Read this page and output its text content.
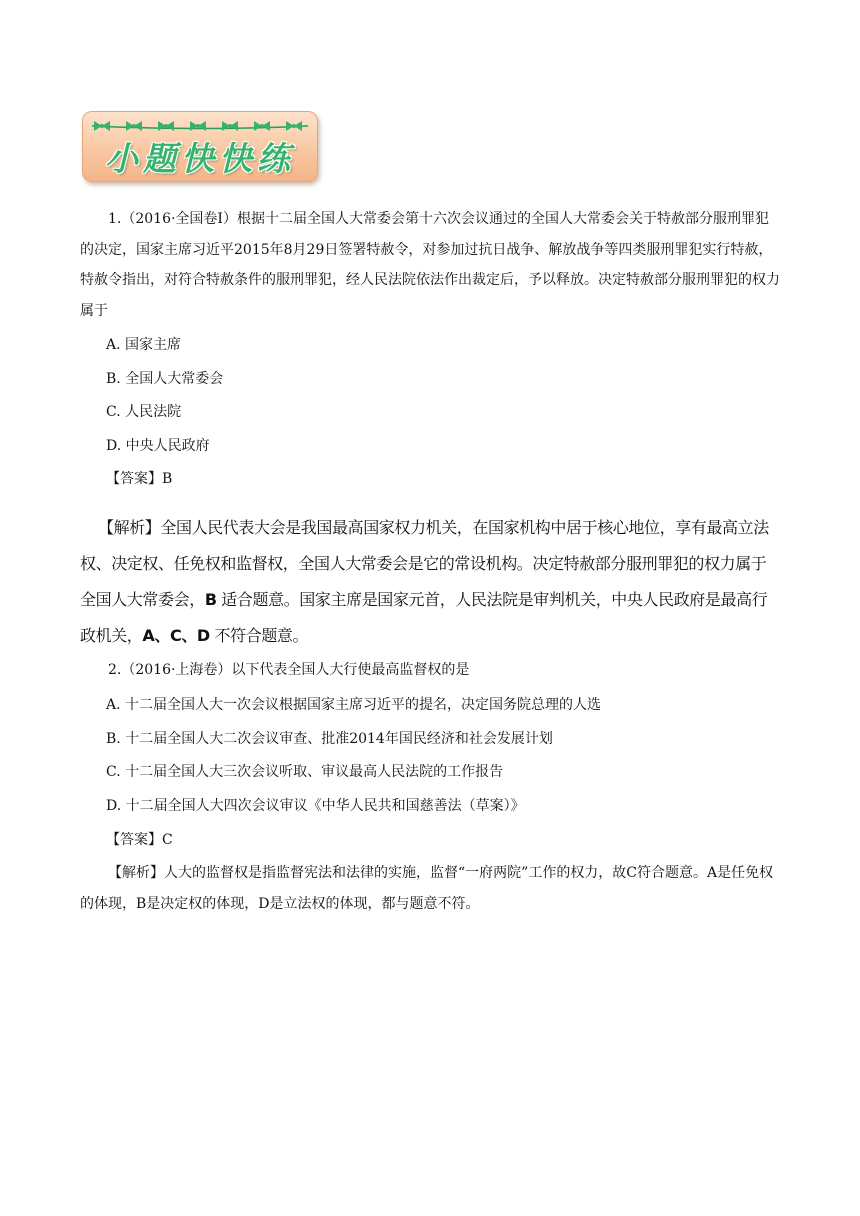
小题快快练

1.（2016·全国卷Ⅰ）根据十二届全国人大常委会第十六次会议通过的全国人大常委会关于特赦部分服刑罪犯的决定，国家主席习近平2015年8月29日签署特赦令，对参加过抗日战争、解放战争等四类服刑罪犯实行特赦，特赦令指出，对符合特赦条件的服刑罪犯，经人民法院依法作出裁定后，予以释放。决定特赦部分服刑罪犯的权力属于

A. 国家主席
B. 全国人大常委会
C. 人民法院
D. 中央人民政府
【答案】B
【解析】全国人民代表大会是我国最高国家权力机关，在国家机构中居于核心地位，享有最高立法权、决定权、任免权和监督权，全国人大常委会是它的常设机构。决定特赦部分服刑罪犯的权力属于全国人大常委会，B 适合题意。国家主席是国家元首，人民法院是审判机关，中央人民政府是最高行政机关，A、C、D 不符合题意。

2.（2016·上海卷）以下代表全国人大行使最高监督权的是

A. 十二届全国人大一次会议根据国家主席习近平的提名，决定国务院总理的人选
B. 十二届全国人大二次会议审查、批准2014年国民经济和社会发展计划
C. 十二届全国人大三次会议听取、审议最高人民法院的工作报告
D. 十二届全国人大四次会议审议《中华人民共和国慈善法（草案）》
【答案】C

【解析】人大的监督权是指监督宪法和法律的实施，监督“一府两院”工作的权力，故C符合题意。A是任免权的体现，B是决定权的体现，D是立法权的体现，都与题意不符。
